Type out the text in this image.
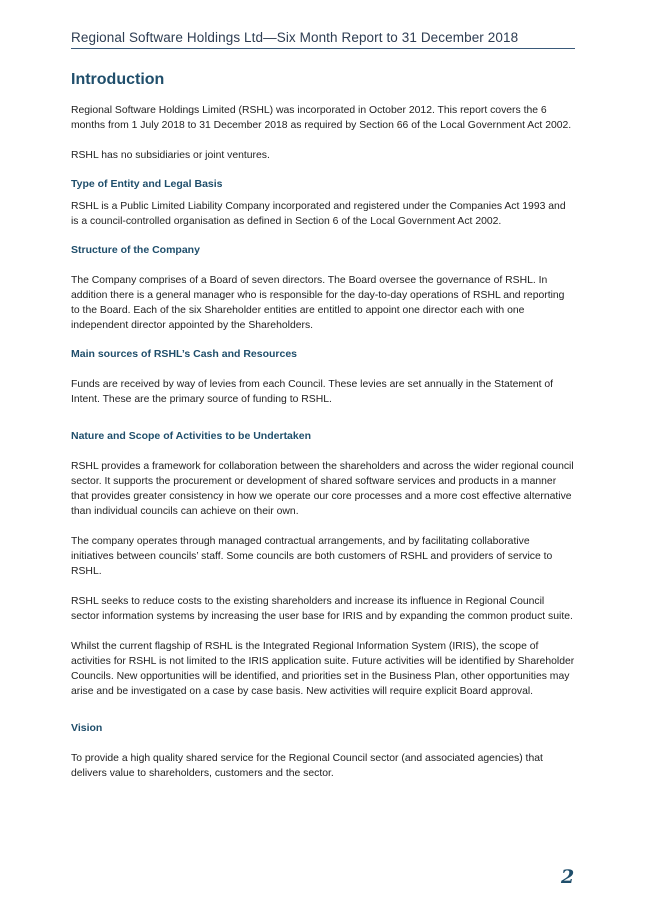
Regional Software Holdings Ltd—Six Month Report to 31 December 2018
Introduction

Regional Software Holdings Limited (RSHL) was incorporated in October 2012. This report covers the 6 months from 1 July 2018 to 31 December 2018 as required by Section 66 of the Local Government Act 2002.

RSHL has no subsidiaries or joint ventures.

Type of Entity and Legal Basis

RSHL is a Public Limited Liability Company incorporated and registered under the Companies Act 1993 and is a council-controlled organisation as defined in Section 6 of the Local Government Act 2002.

Structure of the Company

The Company comprises of a Board of seven directors. The Board oversee the governance of RSHL. In addition there is a general manager who is responsible for the day-to-day operations of RSHL and reporting to the Board. Each of the six Shareholder entities are entitled to appoint one director each with one independent director appointed by the Shareholders.

Main sources of RSHL’s Cash and Resources

Funds are received by way of levies from each Council. These levies are set annually in the Statement of Intent. These are the primary source of funding to RSHL.

Nature and Scope of Activities to be Undertaken

RSHL provides a framework for collaboration between the shareholders and across the wider regional council sector. It supports the procurement or development of shared software services and products in a manner that provides greater consistency in how we operate our core processes and a more cost effective alternative than individual councils can achieve on their own.

The company operates through managed contractual arrangements, and by facilitating collaborative initiatives between councils’ staff. Some councils are both customers of RSHL and providers of service to RSHL.

RSHL seeks to reduce costs to the existing shareholders and increase its influence in Regional Council sector information systems by increasing the user base for IRIS and by expanding the common product suite.

Whilst the current flagship of RSHL is the Integrated Regional Information System (IRIS), the scope of activities for RSHL is not limited to the IRIS application suite. Future activities will be identified by Shareholder Councils. New opportunities will be identified, and priorities set in the Business Plan, other opportunities may arise and be investigated on a case by case basis. New activities will require explicit Board approval.

Vision

To provide a high quality shared service for the Regional Council sector (and associated agencies) that delivers value to shareholders, customers and the sector.

2
